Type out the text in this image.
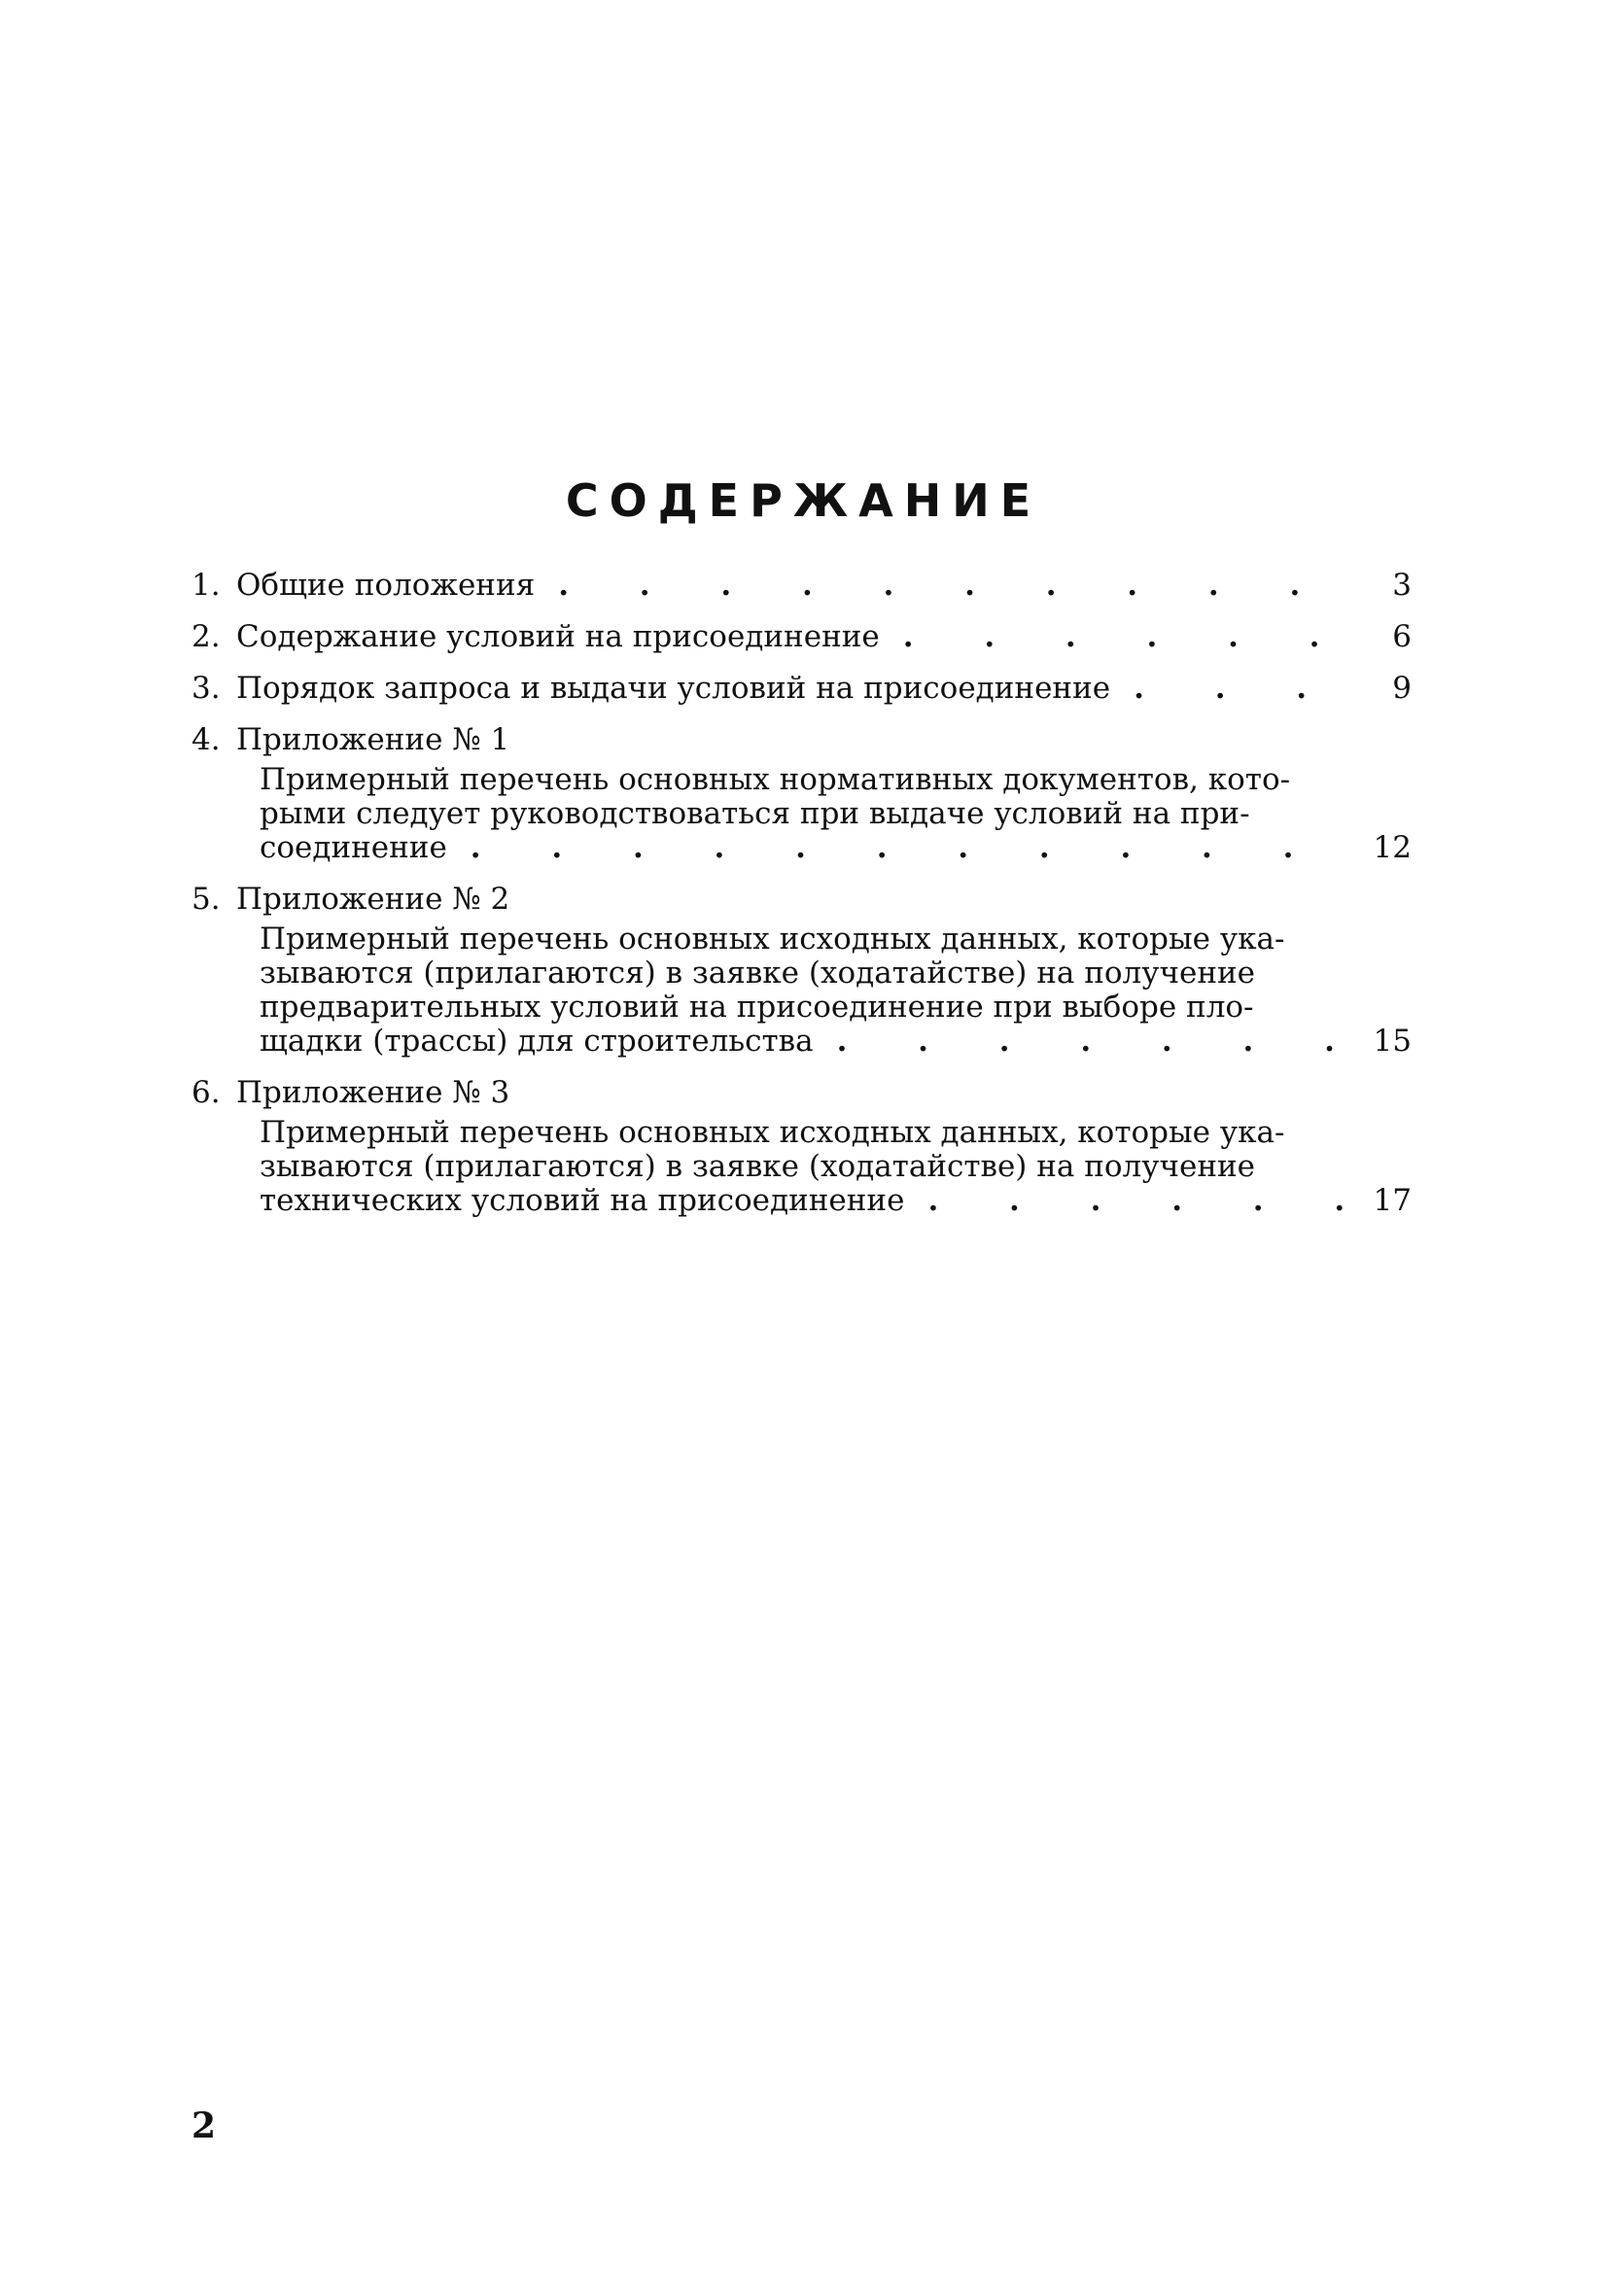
СОДЕРЖАНИЕ
1. Общие положения . . .	3
2. Содержание условий на присоединение . . .	6
3. Порядок запроса и выдачи условий на присоединение . . .	9
4. Приложение № 1
Примерный перечень основных нормативных документов, кото-
рыми следует руководствоваться при выдаче условий на при-
соединение . . .	12
5. Приложение № 2
Примерный перечень основных исходных данных, которые ука-
зываются (прилагаются) в заявке (ходатайстве) на получение
предварительных условий на присоединение при выборе пло-
щадки (трассы) для строительства . . .	15
6. Приложение № 3
Примерный перечень основных исходных данных, которые ука-
зываются (прилагаются) в заявке (ходатайстве) на получение
технических условий на присоединение . . .	17
2
